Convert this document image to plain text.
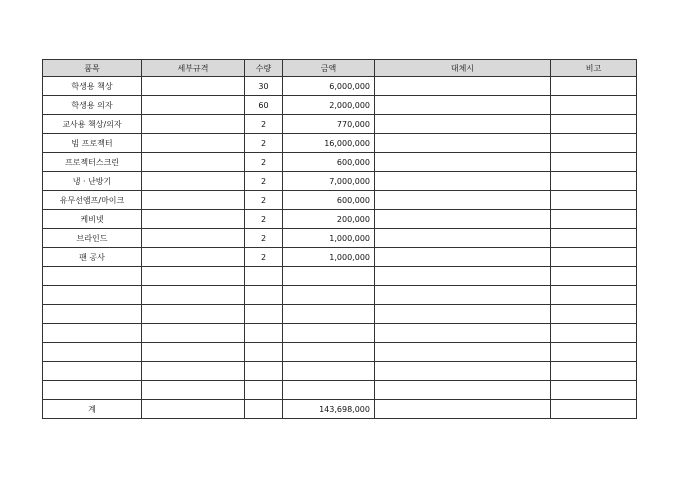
품목	세부규격	수량	금액	대체시	비고
학생용 책상		30	6,000,000		
학생용 의자		60	2,000,000		
교사용 책상/의자		2	770,000		
빔 프로젝터		2	16,000,000		
프로젝터스크린		2	600,000		
냉 · 난방기		2	7,000,000		
유무선앰프/마이크		2	600,000		
케비넷		2	200,000		
브라인드		2	1,000,000		
팬 공사		2	1,000,000		

계			143,698,000		
